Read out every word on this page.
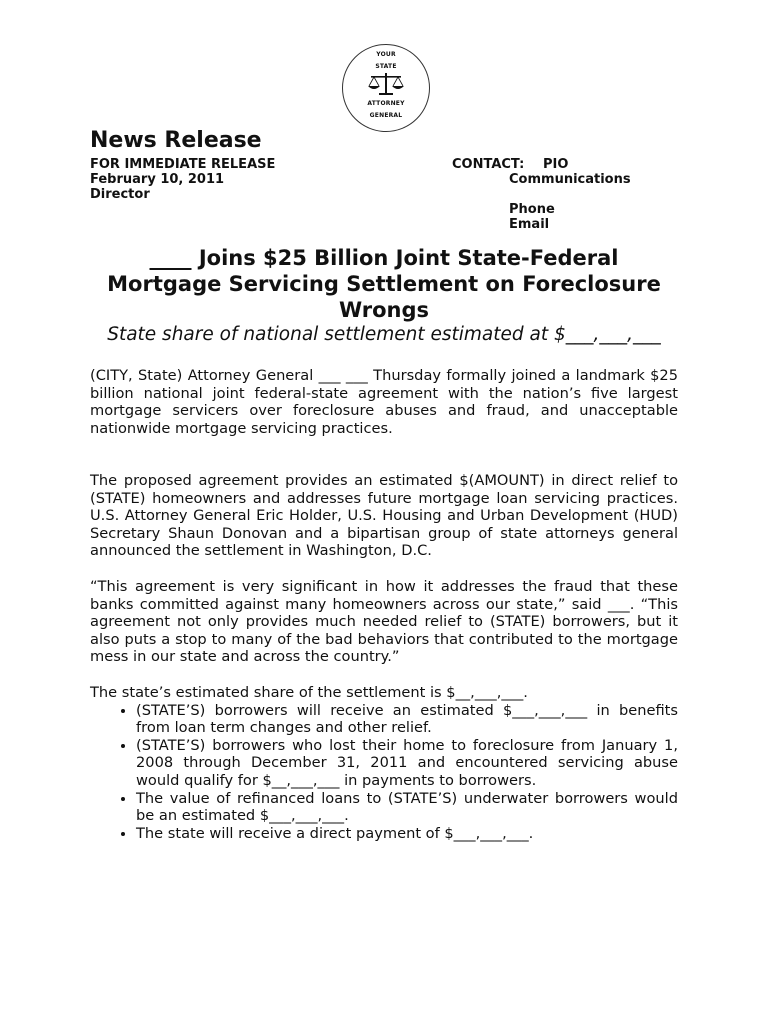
YOUR
STATE
ATTORNEY
GENERAL
News Release
FOR IMMEDIATE RELEASE
February 10, 2011
Director
CONTACT: PIO
Communications
Phone
Email
____ Joins $25 Billion Joint State-Federal Mortgage Servicing Settlement on Foreclosure Wrongs
State share of national settlement estimated at $___,___,___
(CITY, State) Attorney General ___ ___ Thursday formally joined a landmark $25 billion national joint federal-state agreement with the nation’s five largest mortgage servicers over foreclosure abuses and fraud, and unacceptable nationwide mortgage servicing practices.
The proposed agreement provides an estimated $(AMOUNT) in direct relief to (STATE) homeowners and addresses future mortgage loan servicing practices. U.S. Attorney General Eric Holder, U.S. Housing and Urban Development (HUD) Secretary Shaun Donovan and a bipartisan group of state attorneys general announced the settlement in Washington, D.C.
“This agreement is very significant in how it addresses the fraud that these banks committed against many homeowners across our state,” said ___. “This agreement not only provides much needed relief to (STATE) borrowers, but it also puts a stop to many of the bad behaviors that contributed to the mortgage mess in our state and across the country.”
The state’s estimated share of the settlement is $__,___,___.
• (STATE’S) borrowers will receive an estimated $___,___,___ in benefits from loan term changes and other relief.
• (STATE’S) borrowers who lost their home to foreclosure from January 1, 2008 through December 31, 2011 and encountered servicing abuse would qualify for $__,___,___ in payments to borrowers.
• The value of refinanced loans to (STATE’S) underwater borrowers would be an estimated $___,___,___.
• The state will receive a direct payment of $___,___,___.
